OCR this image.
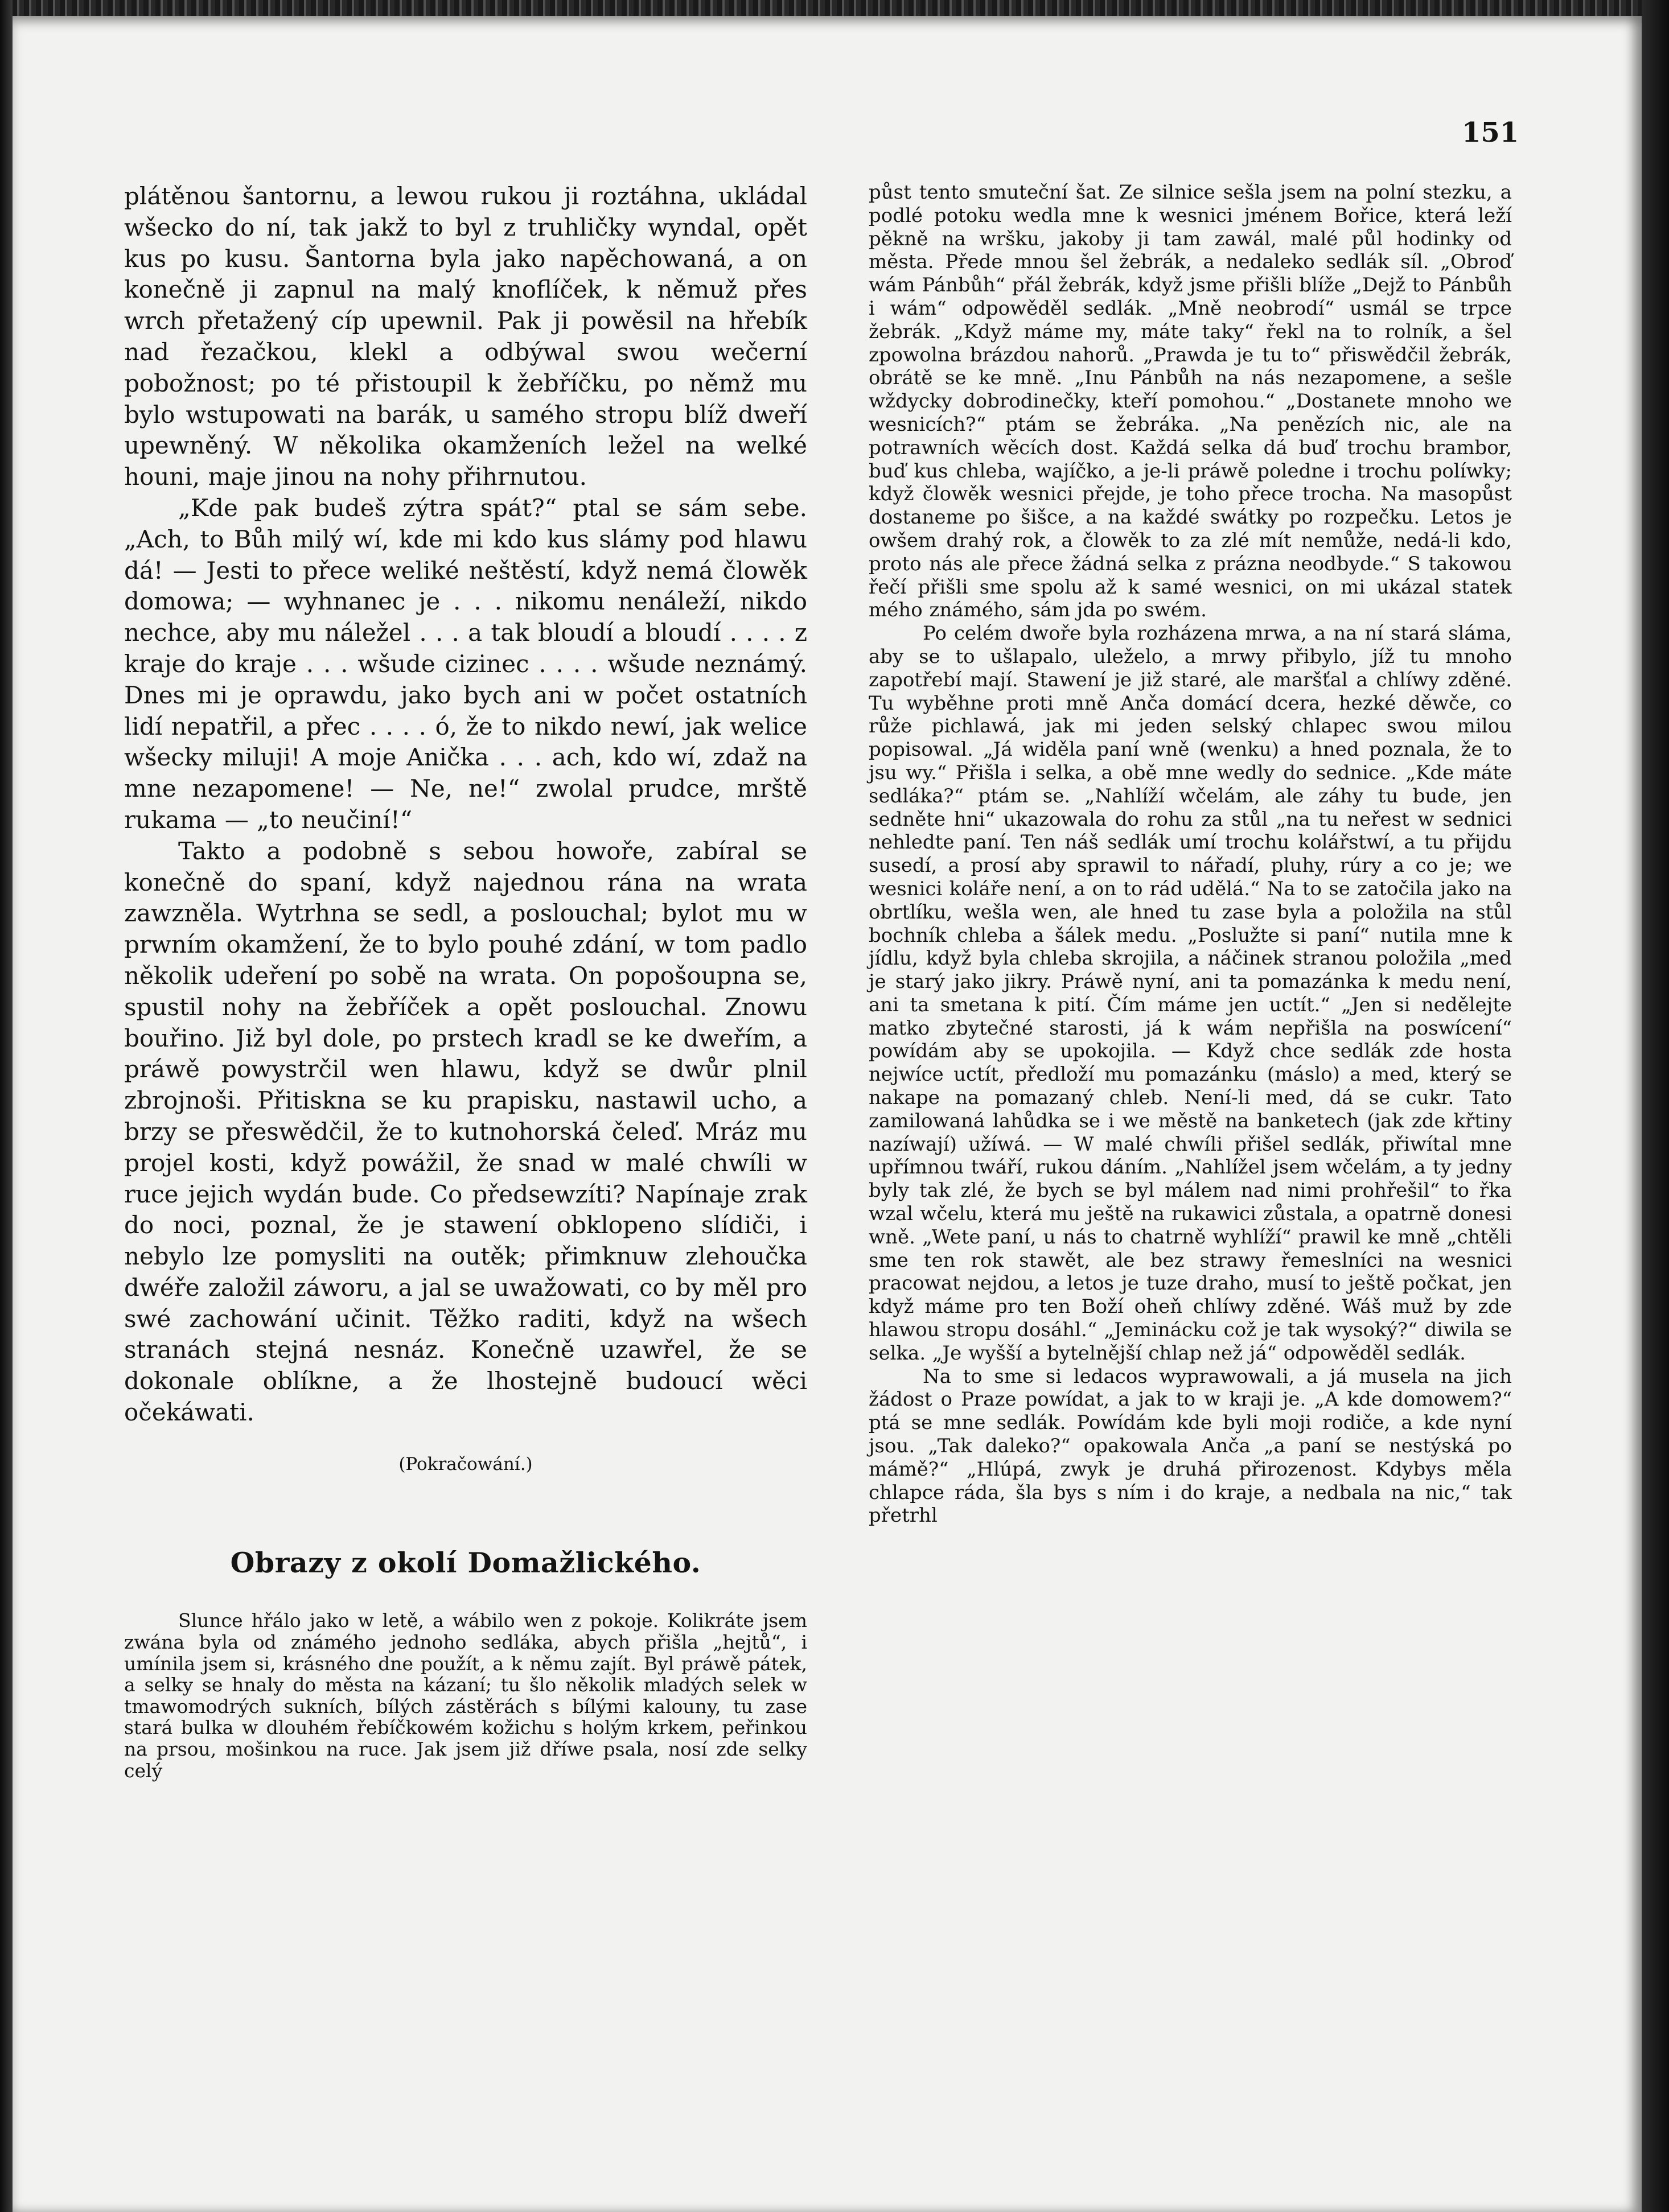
151

plátěnou šantornu, a lewou rukou ji roztáhna, ukládal wšecko do ní, tak jakž to byl z truhličky wyndal, opět kus po kusu. Šantorna byla jako napěchowaná, a on konečně ji zapnul na malý knoflíček, k němuž přes wrch přetažený cíp upewnil. Pak ji powěsil na hřebík nad řezačkou, klekl a odbýwal swou wečerní pobožnost; po té přistoupil k žebříčku, po němž mu bylo wstupowati na barák, u samého stropu blíž dweří upewněný. W několika okamženích ležel na welké houni, maje jinou na nohy přihrnutou.

„Kde pak budeš zýtra spát?“ ptal se sám sebe. „Ach, to Bůh milý wí, kde mi kdo kus slámy pod hlawu dá! — Jesti to přece weliké neštěstí, když nemá člowěk domowa; — wyhnanec je . . . nikomu nenáleží, nikdo nechce, aby mu náležel . . . a tak bloudí a bloudí . . . . z kraje do kraje . . . wšude cizinec . . . . wšude neznámý. Dnes mi je oprawdu, jako bych ani w počet ostatních lidí nepatřil, a přec . . . . ó, že to nikdo newí, jak welice wšecky miluji! A moje Anička . . . ach, kdo wí, zdaž na mne nezapomene! — Ne, ne!“ zwolal prudce, mrště rukama — „to neučiní!“

Takto a podobně s sebou howoře, zabíral se konečně do spaní, když najednou rána na wrata zawzněla. Wytrhna se sedl, a poslouchal; bylot mu w prwním okamžení, že to bylo pouhé zdání, w tom padlo několik udeření po sobě na wrata. On popošoupna se, spustil nohy na žebříček a opět poslouchal. Znowu bouřino. Již byl dole, po prstech kradl se ke dweřím, a práwě powystrčil wen hlawu, když se dwůr plnil zbrojnoši. Přitiskna se ku prapisku, nastawil ucho, a brzy se přeswědčil, že to kutnohorská čeleď. Mráz mu projel kosti, když powážil, že snad w malé chwíli w ruce jejich wydán bude. Co předsewzíti? Napínaje zrak do noci, poznal, že je stawení obklopeno slídiči, i nebylo lze pomysliti na outěk; přimknuw zlehoučka dwéře založil záworu, a jal se uwažowati, co by měl pro swé zachowání učinit. Těžko raditi, když na wšech stranách stejná nesnáz. Konečně uzawřel, že se dokonale oblíkne, a že lhostejně budoucí wěci očekáwati.

(Pokračowání.)

Obrazy z okolí Domažlického.

Slunce hřálo jako w letě, a wábilo wen z pokoje. Kolikráte jsem zwána byla od známého jednoho sedláka, abych přišla „hejtů“, i umínila jsem si, krásného dne použít, a k němu zajít. Byl práwě pátek, a selky se hnaly do města na kázaní; tu šlo několik mladých selek w tmawomodrých sukních, bílých zástěrách s bílými kalouny, tu zase stará bulka w dlouhém řebíčkowém kožichu s holým krkem, peřinkou na prsou, mošinkou na ruce. Jak jsem již dříwe psala, nosí zde selky celý

půst tento smuteční šat. Ze silnice sešla jsem na polní stezku, a podlé potoku wedla mne k wesnici jménem Bořice, která leží pěkně na wršku, jakoby ji tam zawál, malé půl hodinky od města. Přede mnou šel žebrák, a nedaleko sedlák síl. „Obroď wám Pánbůh“ přál žebrák, když jsme přišli blíže „Dejž to Pánbůh i wám“ odpowěděl sedlák. „Mně neobrodí“ usmál se trpce žebrák. „Když máme my, máte taky“ řekl na to rolník, a šel zpowolna brázdou nahorů. „Prawda je tu to“ přiswědčil žebrák, obrátě se ke mně. „Inu Pánbůh na nás nezapomene, a sešle wždycky dobrodinečky, kteří pomohou.“ „Dostanete mnoho we wesnicích?“ ptám se žebráka. „Na penězích nic, ale na potrawních wěcích dost. Každá selka dá buď trochu brambor, buď kus chleba, wajíčko, a je-li práwě poledne i trochu políwky; když člowěk wesnici přejde, je toho přece trocha. Na masopůst dostaneme po šišce, a na každé swátky po rozpečku. Letos je owšem drahý rok, a člowěk to za zlé mít nemůže, nedá-li kdo, proto nás ale přece žádná selka z prázna neodbyde.“ S takowou řečí přišli sme spolu až k samé wesnici, on mi ukázal statek mého známého, sám jda po swém.

Po celém dwoře byla rozházena mrwa, a na ní stará sláma, aby se to ušlapalo, uleželo, a mrwy přibylo, jíž tu mnoho zapotřebí mají. Stawení je již staré, ale maršťal a chlíwy zděné. Tu wyběhne proti mně Anča domácí dcera, hezké děwče, co růže pichlawá, jak mi jeden selský chlapec swou milou popisowal. „Já widěla paní wně (wenku) a hned poznala, že to jsu wy.“ Přišla i selka, a obě mne wedly do sednice. „Kde máte sedláka?“ ptám se. „Nahlíží wčelám, ale záhy tu bude, jen sedněte hni“ ukazowala do rohu za stůl „na tu neřest w sednici nehledte paní. Ten náš sedlák umí trochu kolářstwí, a tu přijdu susedí, a prosí aby sprawil to nářadí, pluhy, rúry a co je; we wesnici koláře není, a on to rád udělá.“ Na to se zatočila jako na obrtlíku, wešla wen, ale hned tu zase byla a položila na stůl bochník chleba a šálek medu. „Poslužte si paní“ nutila mne k jídlu, když byla chleba skrojila, a náčinek stranou položila „med je starý jako jikry. Práwě nyní, ani ta pomazánka k medu není, ani ta smetana k pití. Čím máme jen uctít.“ „Jen si nedělejte matko zbytečné starosti, já k wám nepřišla na poswícení“ powídám aby se upokojila. — Když chce sedlák zde hosta nejwíce uctít, předloží mu pomazánku (máslo) a med, který se nakape na pomazaný chleb. Není-li med, dá se cukr. Tato zamilowaná lahůdka se i we městě na banketech (jak zde křtiny nazíwají) užíwá. — W malé chwíli přišel sedlák, přiwítal mne upřímnou twáří, rukou dáním. „Nahlížel jsem wčelám, a ty jedny byly tak zlé, že bych se byl málem nad nimi prohřešil“ to řka wzal wčelu, která mu ještě na rukawici zůstala, a opatrně donesi wně. „Wete paní, u nás to chatrně wyhlíží“ prawil ke mně „chtěli sme ten rok stawět, ale bez strawy řemeslníci na wesnici pracowat nejdou, a letos je tuze draho, musí to ještě počkat, jen když máme pro ten Boží oheň chlíwy zděné. Wáš muž by zde hlawou stropu dosáhl.“ „Jeminácku což je tak wysoký?“ diwila se selka. „Je wyšší a bytelnější chlap než já“ odpowěděl sedlák.

Na to sme si ledacos wyprawowali, a já musela na jich žádost o Praze powídat, a jak to w kraji je. „A kde domowem?“ ptá se mne sedlák. Powídám kde byli moji rodiče, a kde nyní jsou. „Tak daleko?“ opakowala Anča „a paní se nestýská po mámě?“ „Hlúpá, zwyk je druhá přirozenost. Kdybys měla chlapce ráda, šla bys s ním i do kraje, a nedbala na nic,“ tak přetrhl
